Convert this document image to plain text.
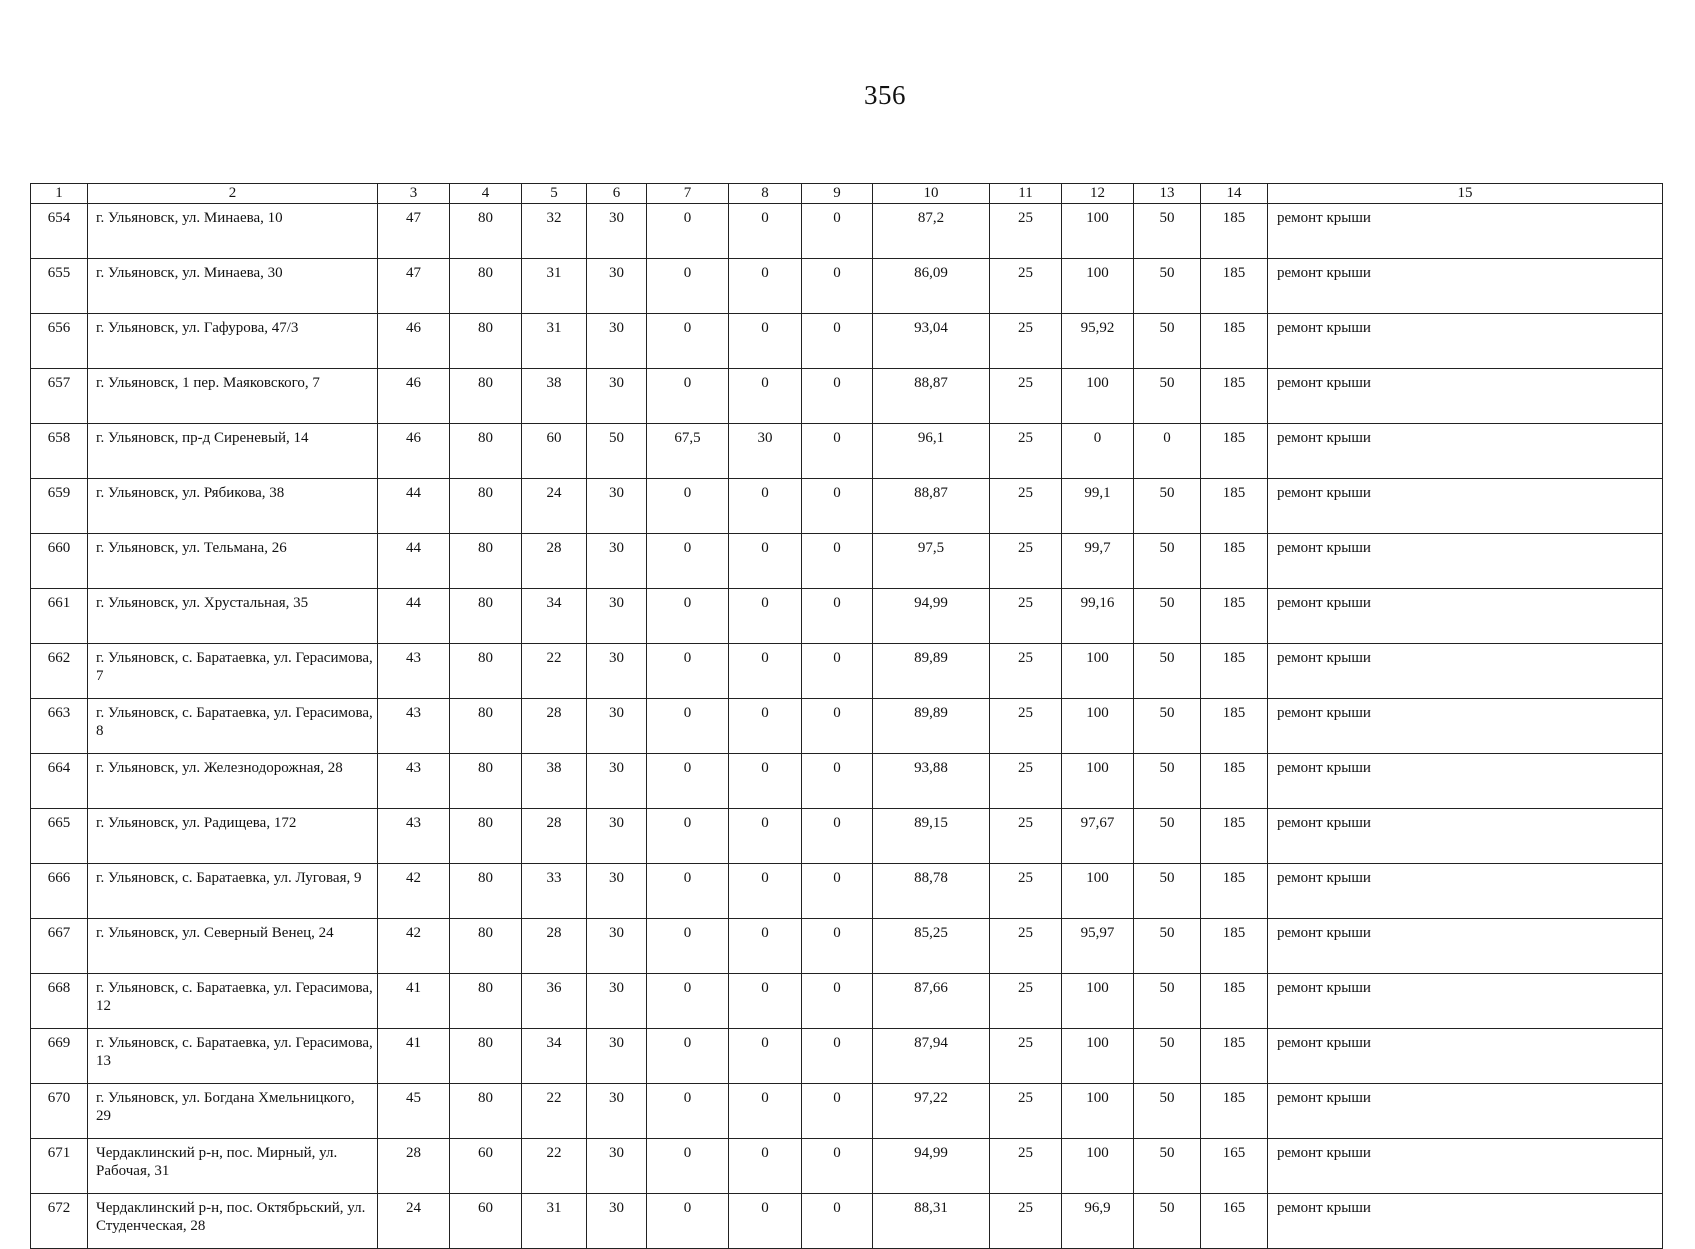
356
1	2	3	4	5	6	7	8	9	10	11	12	13	14	15
654	г. Ульяновск, ул. Минаева, 10	47	80	32	30	0	0	0	87,2	25	100	50	185	ремонт крыши
655	г. Ульяновск, ул. Минаева, 30	47	80	31	30	0	0	0	86,09	25	100	50	185	ремонт крыши
656	г. Ульяновск, ул. Гафурова, 47/3	46	80	31	30	0	0	0	93,04	25	95,92	50	185	ремонт крыши
657	г. Ульяновск, 1 пер. Маяковского, 7	46	80	38	30	0	0	0	88,87	25	100	50	185	ремонт крыши
658	г. Ульяновск, пр-д Сиреневый, 14	46	80	60	50	67,5	30	0	96,1	25	0	0	185	ремонт крыши
659	г. Ульяновск, ул. Рябикова, 38	44	80	24	30	0	0	0	88,87	25	99,1	50	185	ремонт крыши
660	г. Ульяновск, ул. Тельмана, 26	44	80	28	30	0	0	0	97,5	25	99,7	50	185	ремонт крыши
661	г. Ульяновск, ул. Хрустальная, 35	44	80	34	30	0	0	0	94,99	25	99,16	50	185	ремонт крыши
662	г. Ульяновск, с. Баратаевка, ул. Герасимова, 7	43	80	22	30	0	0	0	89,89	25	100	50	185	ремонт крыши
663	г. Ульяновск, с. Баратаевка, ул. Герасимова, 8	43	80	28	30	0	0	0	89,89	25	100	50	185	ремонт крыши
664	г. Ульяновск, ул. Железнодорожная, 28	43	80	38	30	0	0	0	93,88	25	100	50	185	ремонт крыши
665	г. Ульяновск, ул. Радищева, 172	43	80	28	30	0	0	0	89,15	25	97,67	50	185	ремонт крыши
666	г. Ульяновск, с. Баратаевка, ул. Луговая, 9	42	80	33	30	0	0	0	88,78	25	100	50	185	ремонт крыши
667	г. Ульяновск, ул. Северный Венец, 24	42	80	28	30	0	0	0	85,25	25	95,97	50	185	ремонт крыши
668	г. Ульяновск, с. Баратаевка, ул. Герасимова, 12	41	80	36	30	0	0	0	87,66	25	100	50	185	ремонт крыши
669	г. Ульяновск, с. Баратаевка, ул. Герасимова, 13	41	80	34	30	0	0	0	87,94	25	100	50	185	ремонт крыши
670	г. Ульяновск, ул. Богдана Хмельницкого, 29	45	80	22	30	0	0	0	97,22	25	100	50	185	ремонт крыши
671	Чердаклинский р-н, пос. Мирный, ул. Рабочая, 31	28	60	22	30	0	0	0	94,99	25	100	50	165	ремонт крыши
672	Чердаклинский р-н, пос. Октябрьский, ул. Студенческая, 28	24	60	31	30	0	0	0	88,31	25	96,9	50	165	ремонт крыши
